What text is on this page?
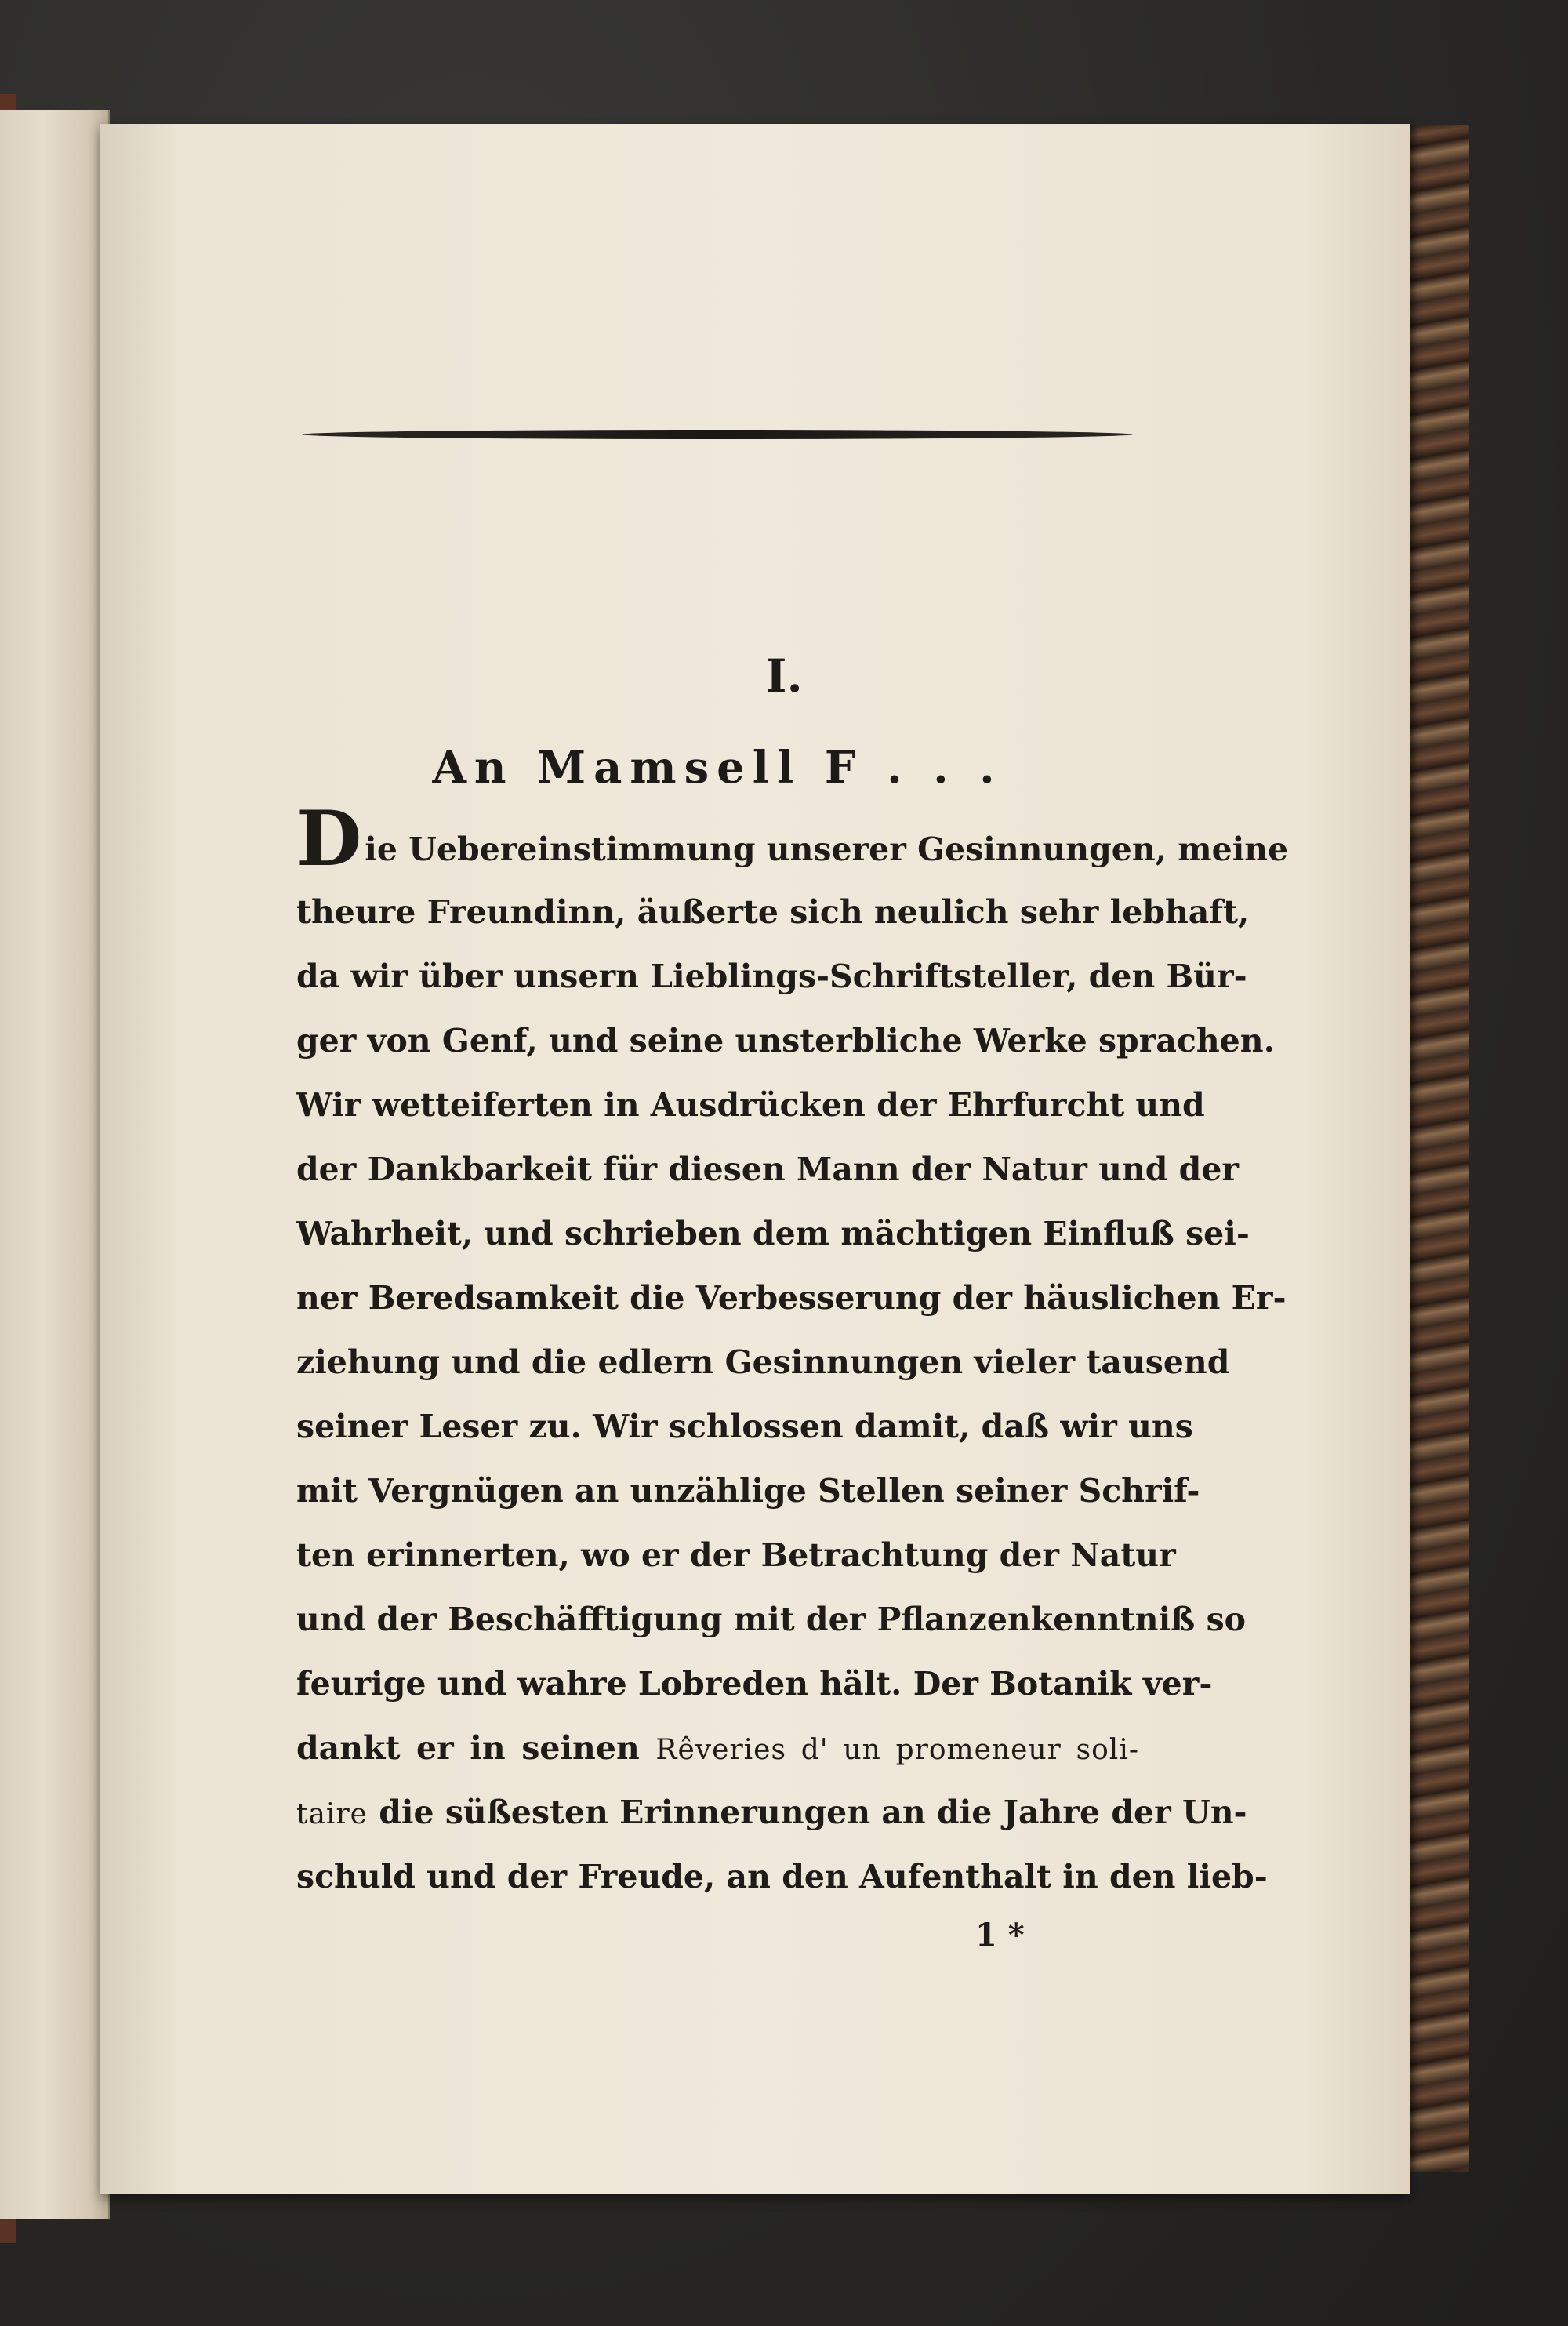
I.
An Mamsell F . . .
Die Uebereinstimmung unserer Gesinnungen, meine
theure Freundinn, äußerte sich neulich sehr lebhaft,
da wir über unsern Lieblings-Schriftsteller, den Bür-
ger von Genf, und seine unsterbliche Werke sprachen.
Wir wetteiferten in Ausdrücken der Ehrfurcht und
der Dankbarkeit für diesen Mann der Natur und der
Wahrheit, und schrieben dem mächtigen Einfluß sei-
ner Beredsamkeit die Verbesserung der häuslichen Er-
ziehung und die edlern Gesinnungen vieler tausend
seiner Leser zu. Wir schlossen damit, daß wir uns
mit Vergnügen an unzählige Stellen seiner Schrif-
ten erinnerten, wo er der Betrachtung der Natur
und der Beschäfftigung mit der Pflanzenkenntniß so
feurige und wahre Lobreden hält. Der Botanik ver-
dankt er in seinen Rêveries d' un promeneur soli-
taire die süßesten Erinnerungen an die Jahre der Un-
schuld und der Freude, an den Aufenthalt in den lieb-

1 *
